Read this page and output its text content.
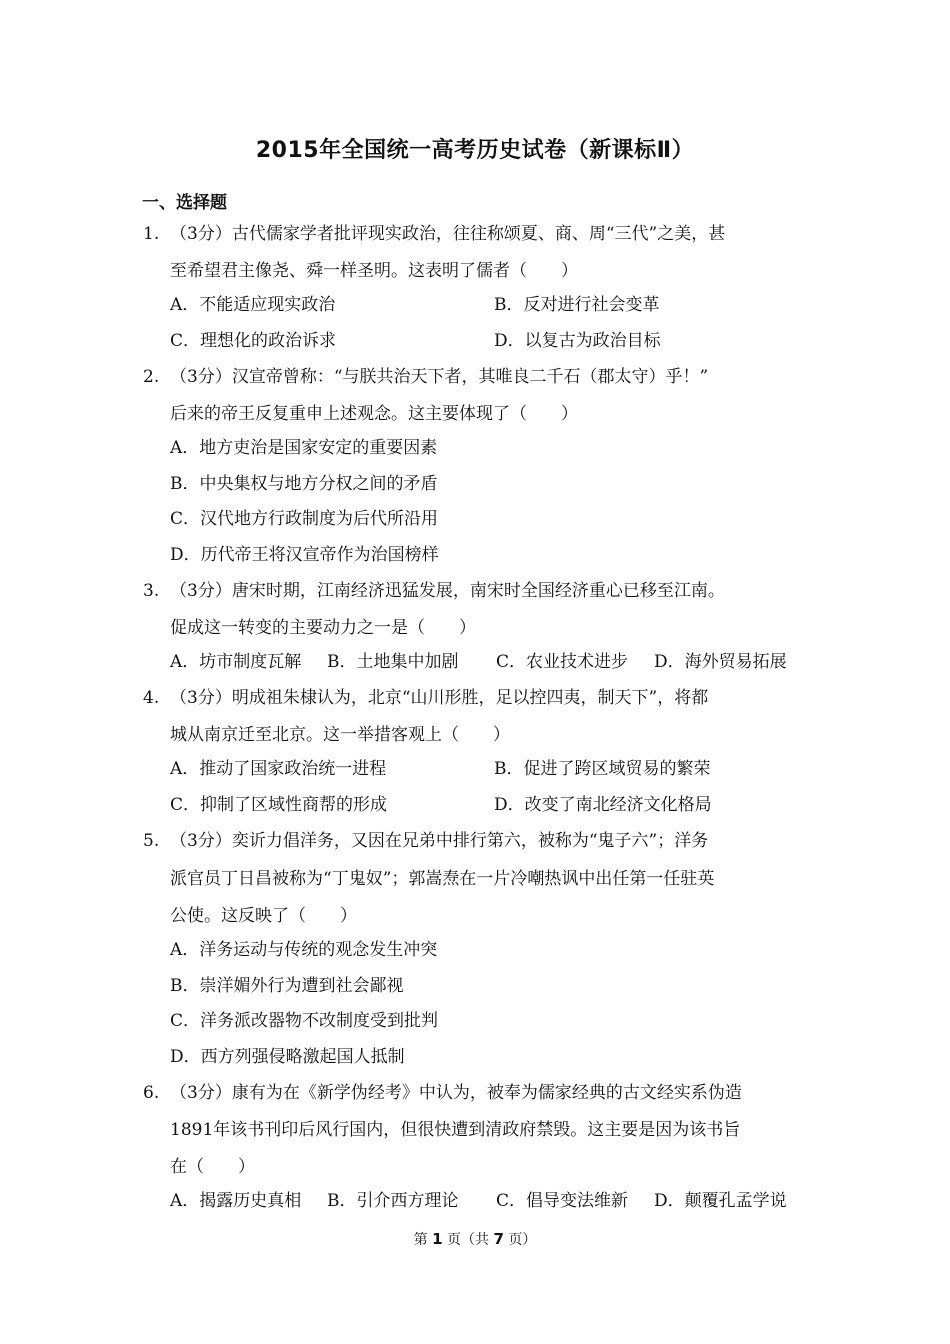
2015年全国统一高考历史试卷（新课标Ⅱ）
一、选择题
1. （3分）古代儒家学者批评现实政治，往往称颂夏、商、周“三代”之美，甚
至希望君主像尧、舜一样圣明。这表明了儒者（　　）
A．不能适应现实政治	B．反对进行社会变革
C．理想化的政治诉求	D．以复古为政治目标
2. （3分）汉宣帝曾称：“与朕共治天下者，其唯良二千石（郡太守）乎！”
后来的帝王反复重申上述观念。这主要体现了（　　）
A．地方吏治是国家安定的重要因素
B．中央集权与地方分权之间的矛盾
C．汉代地方行政制度为后代所沿用
D．历代帝王将汉宣帝作为治国榜样
3. （3分）唐宋时期，江南经济迅猛发展，南宋时全国经济重心已移至江南。
促成这一转变的主要动力之一是（　　）
A．坊市制度瓦解 B．土地集中加剧 C．农业技术进步 D．海外贸易拓展
4. （3分）明成祖朱棣认为，北京“山川形胜，足以控四夷，制天下”，将都
城从南京迁至北京。这一举措客观上（　　）
A．推动了国家政治统一进程	B．促进了跨区域贸易的繁荣
C．抑制了区域性商帮的形成	D．改变了南北经济文化格局
5. （3分）奕䜣力倡洋务，又因在兄弟中排行第六，被称为“鬼子六”；洋务
派官员丁日昌被称为“丁鬼奴”；郭嵩焘在一片冷嘲热讽中出任第一任驻英
公使。这反映了（　　）
A．洋务运动与传统的观念发生冲突
B．崇洋媚外行为遭到社会鄙视
C．洋务派改器物不改制度受到批判
D．西方列强侵略激起国人抵制
6. （3分）康有为在《新学伪经考》中认为，被奉为儒家经典的古文经实系伪造
1891年该书刊印后风行国内，但很快遭到清政府禁毁。这主要是因为该书旨
在（　　）
A．揭露历史真相 B．引介西方理论 C．倡导变法维新 D．颠覆孔孟学说
第 1 页（共 7 页）
